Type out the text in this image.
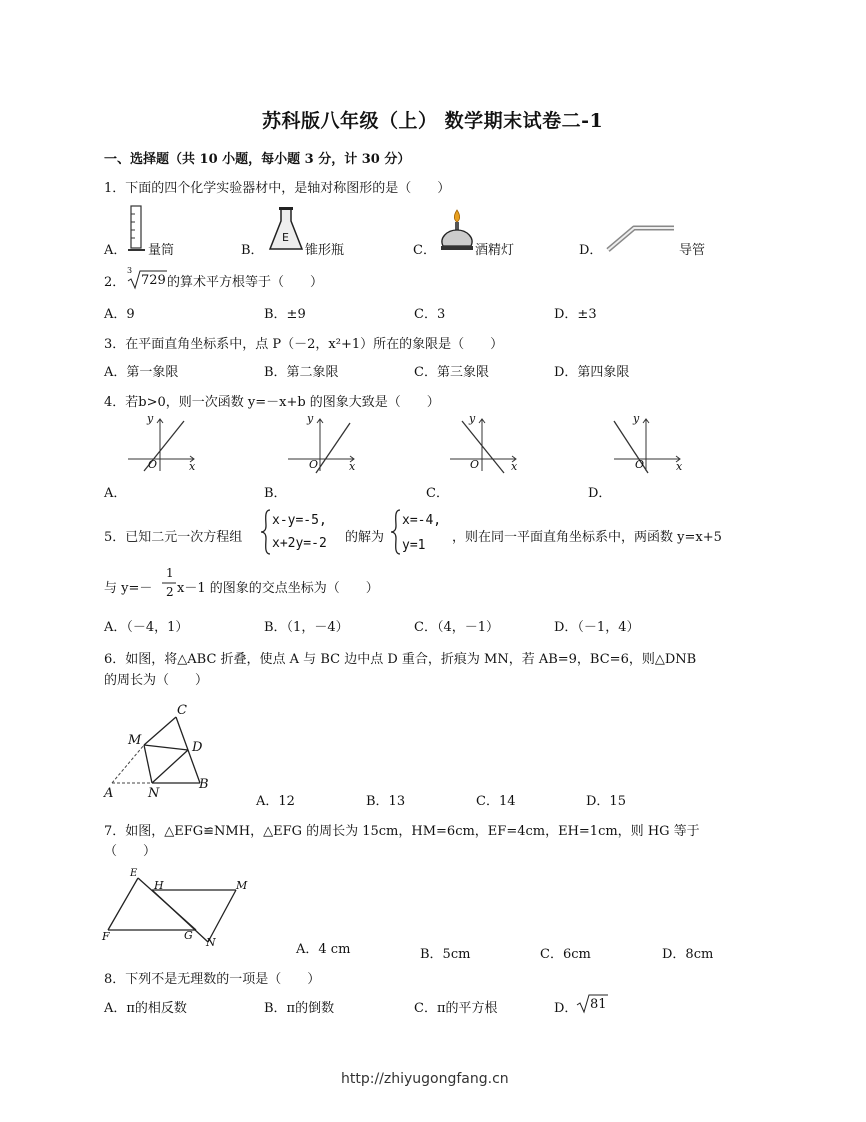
苏科版八年级（上） 数学期末试卷二-1
一、选择题（共 10 小题，每小题 3 分，计 30 分）
1．下面的四个化学实验器材中，是轴对称图形的是（　　）
A． 量筒	B．
E
锥形瓶	C．	酒精灯	D．	导管
2．
3
729 的算术平方根等于（　　）
A．9	B．±9	C．3	D．±3
3．在平面直角坐标系中，点 P（－2，x²+1）所在的象限是（　　）
A．第一象限	B．第二象限	C．第三象限	D．第四象限
4．若b>0，则一次函数 y=－x+b 的图象大致是（　　）
y
x
O
y
x
O
y
x
O
y
x
O
A．	B．	C．	D．
5．已知二元一次方程组
x-y=-5,
x+2y=-2 的解为
x=-4,
y=1
，则在同一平面直角坐标系中，两函数 y=x+5
与 y=－
1
2 x－1 的图象的交点坐标为（　　）
A．（－4，1）	B．（1，－4）	C．（4，－1）	D．（－1，4）
6．如图，将△ABC 折叠，使点 A 与 BC 边中点 D 重合，折痕为 MN，若 AB=9，BC=6，则△DNB
的周长为（　　）
C
M	D
A	N
B
A．12	B．13	C．14	D．15
7．如图，△EFG≌NMH，△EFG 的周长为 15cm，HM=6cm，EF=4cm，EH=1cm，则 HG 等于
（　　）
E
H	M
F	G
N	A．4 cm	B．5cm	C．6cm	D．8cm
8．下列不是无理数的一项是（　　）
A．π的相反数	B．π的倒数	C．π的平方根	D． 81
http://zhiyugongfang.cn
